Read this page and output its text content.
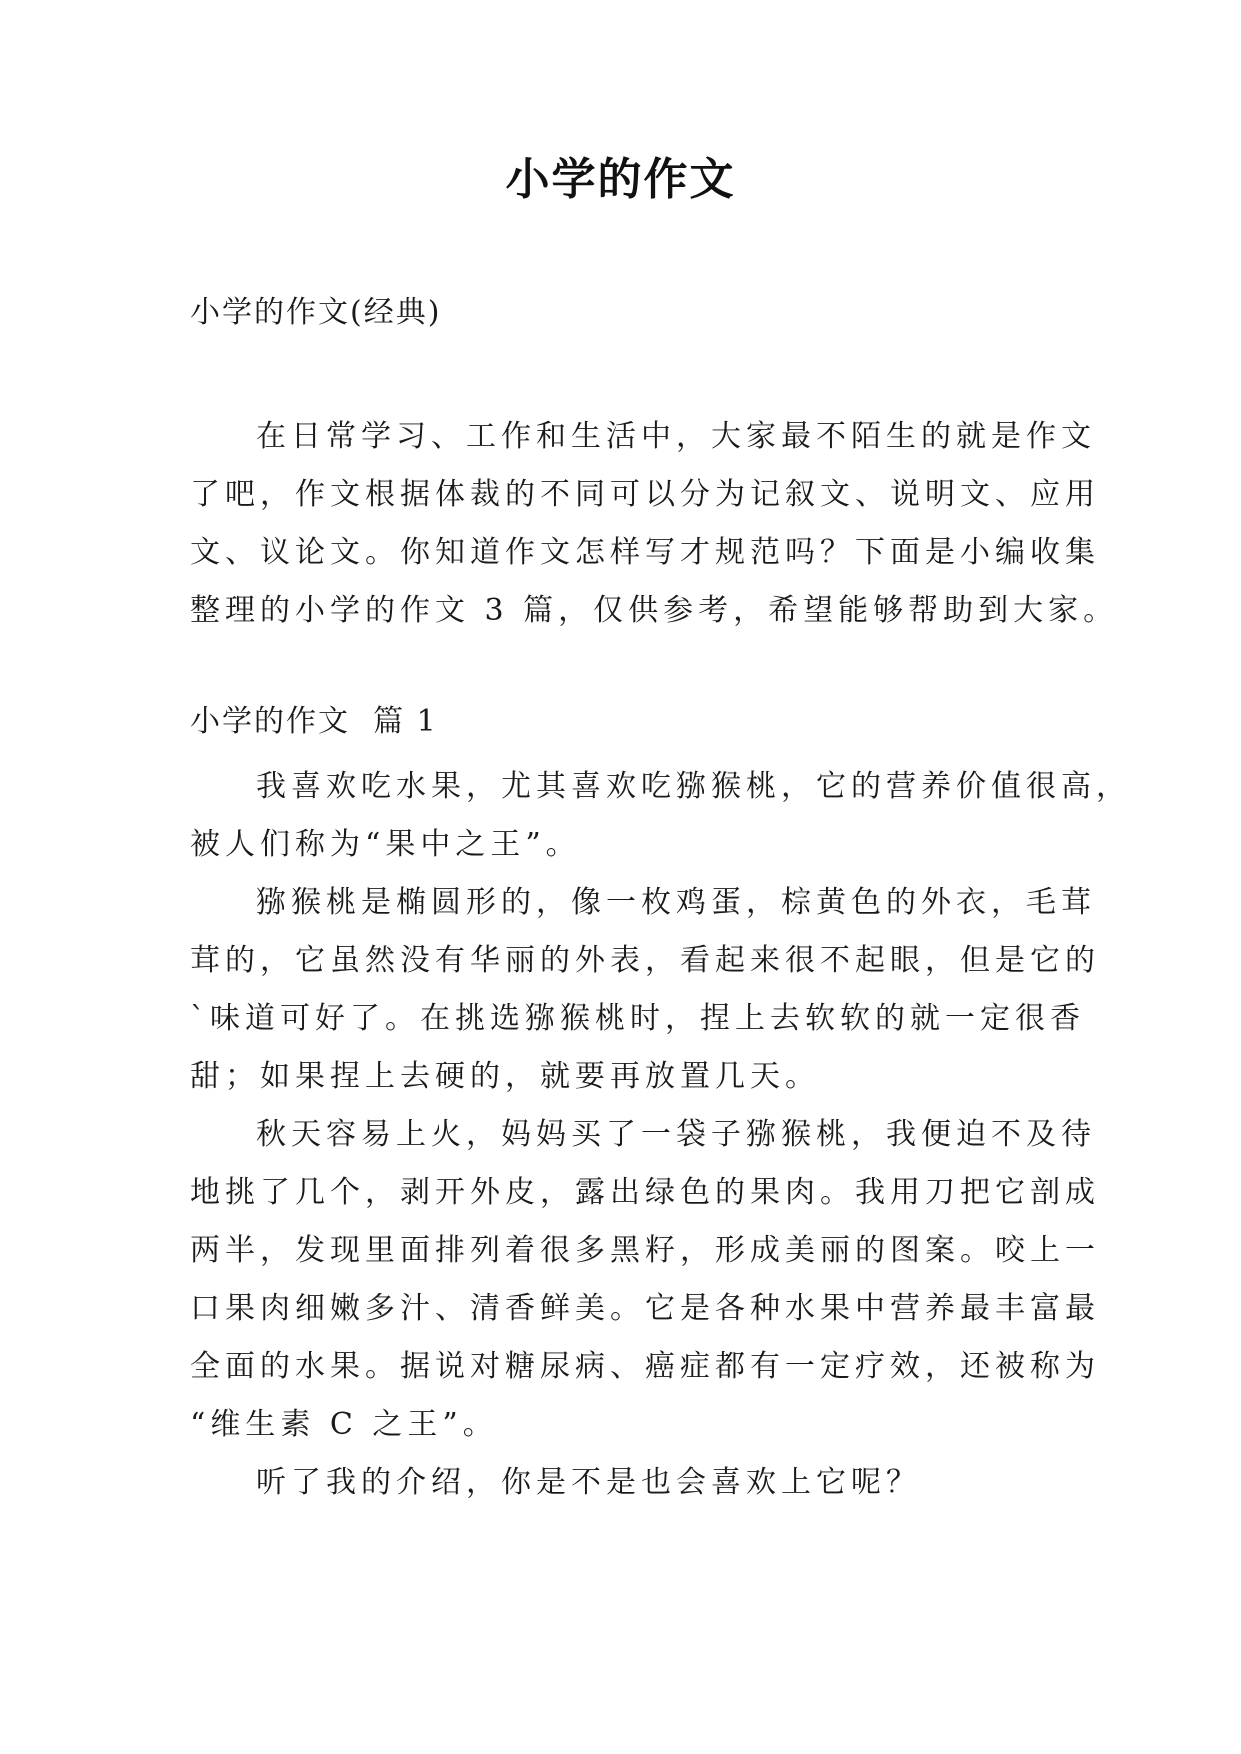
小学的作文
小学的作文(经典)
在日常学习、工作和生活中，大家最不陌生的就是作文
了吧，作文根据体裁的不同可以分为记叙文、说明文、应用
文、议论文。你知道作文怎样写才规范吗？下面是小编收集
整理的小学的作文 3 篇，仅供参考，希望能够帮助到大家。
小学的作文  篇 1
我喜欢吃水果，尤其喜欢吃猕猴桃，它的营养价值很高，
被人们称为“果中之王”。
猕猴桃是椭圆形的，像一枚鸡蛋，棕黄色的外衣，毛茸
茸的，它虽然没有华丽的外表，看起来很不起眼，但是它的
`味道可好了。在挑选猕猴桃时，捏上去软软的就一定很香
甜；如果捏上去硬的，就要再放置几天。
秋天容易上火，妈妈买了一袋子猕猴桃，我便迫不及待
地挑了几个，剥开外皮，露出绿色的果肉。我用刀把它剖成
两半，发现里面排列着很多黑籽，形成美丽的图案。咬上一
口果肉细嫩多汁、清香鲜美。它是各种水果中营养最丰富最
全面的水果。据说对糖尿病、癌症都有一定疗效，还被称为
“维生素 C 之王”。
听了我的介绍，你是不是也会喜欢上它呢？
